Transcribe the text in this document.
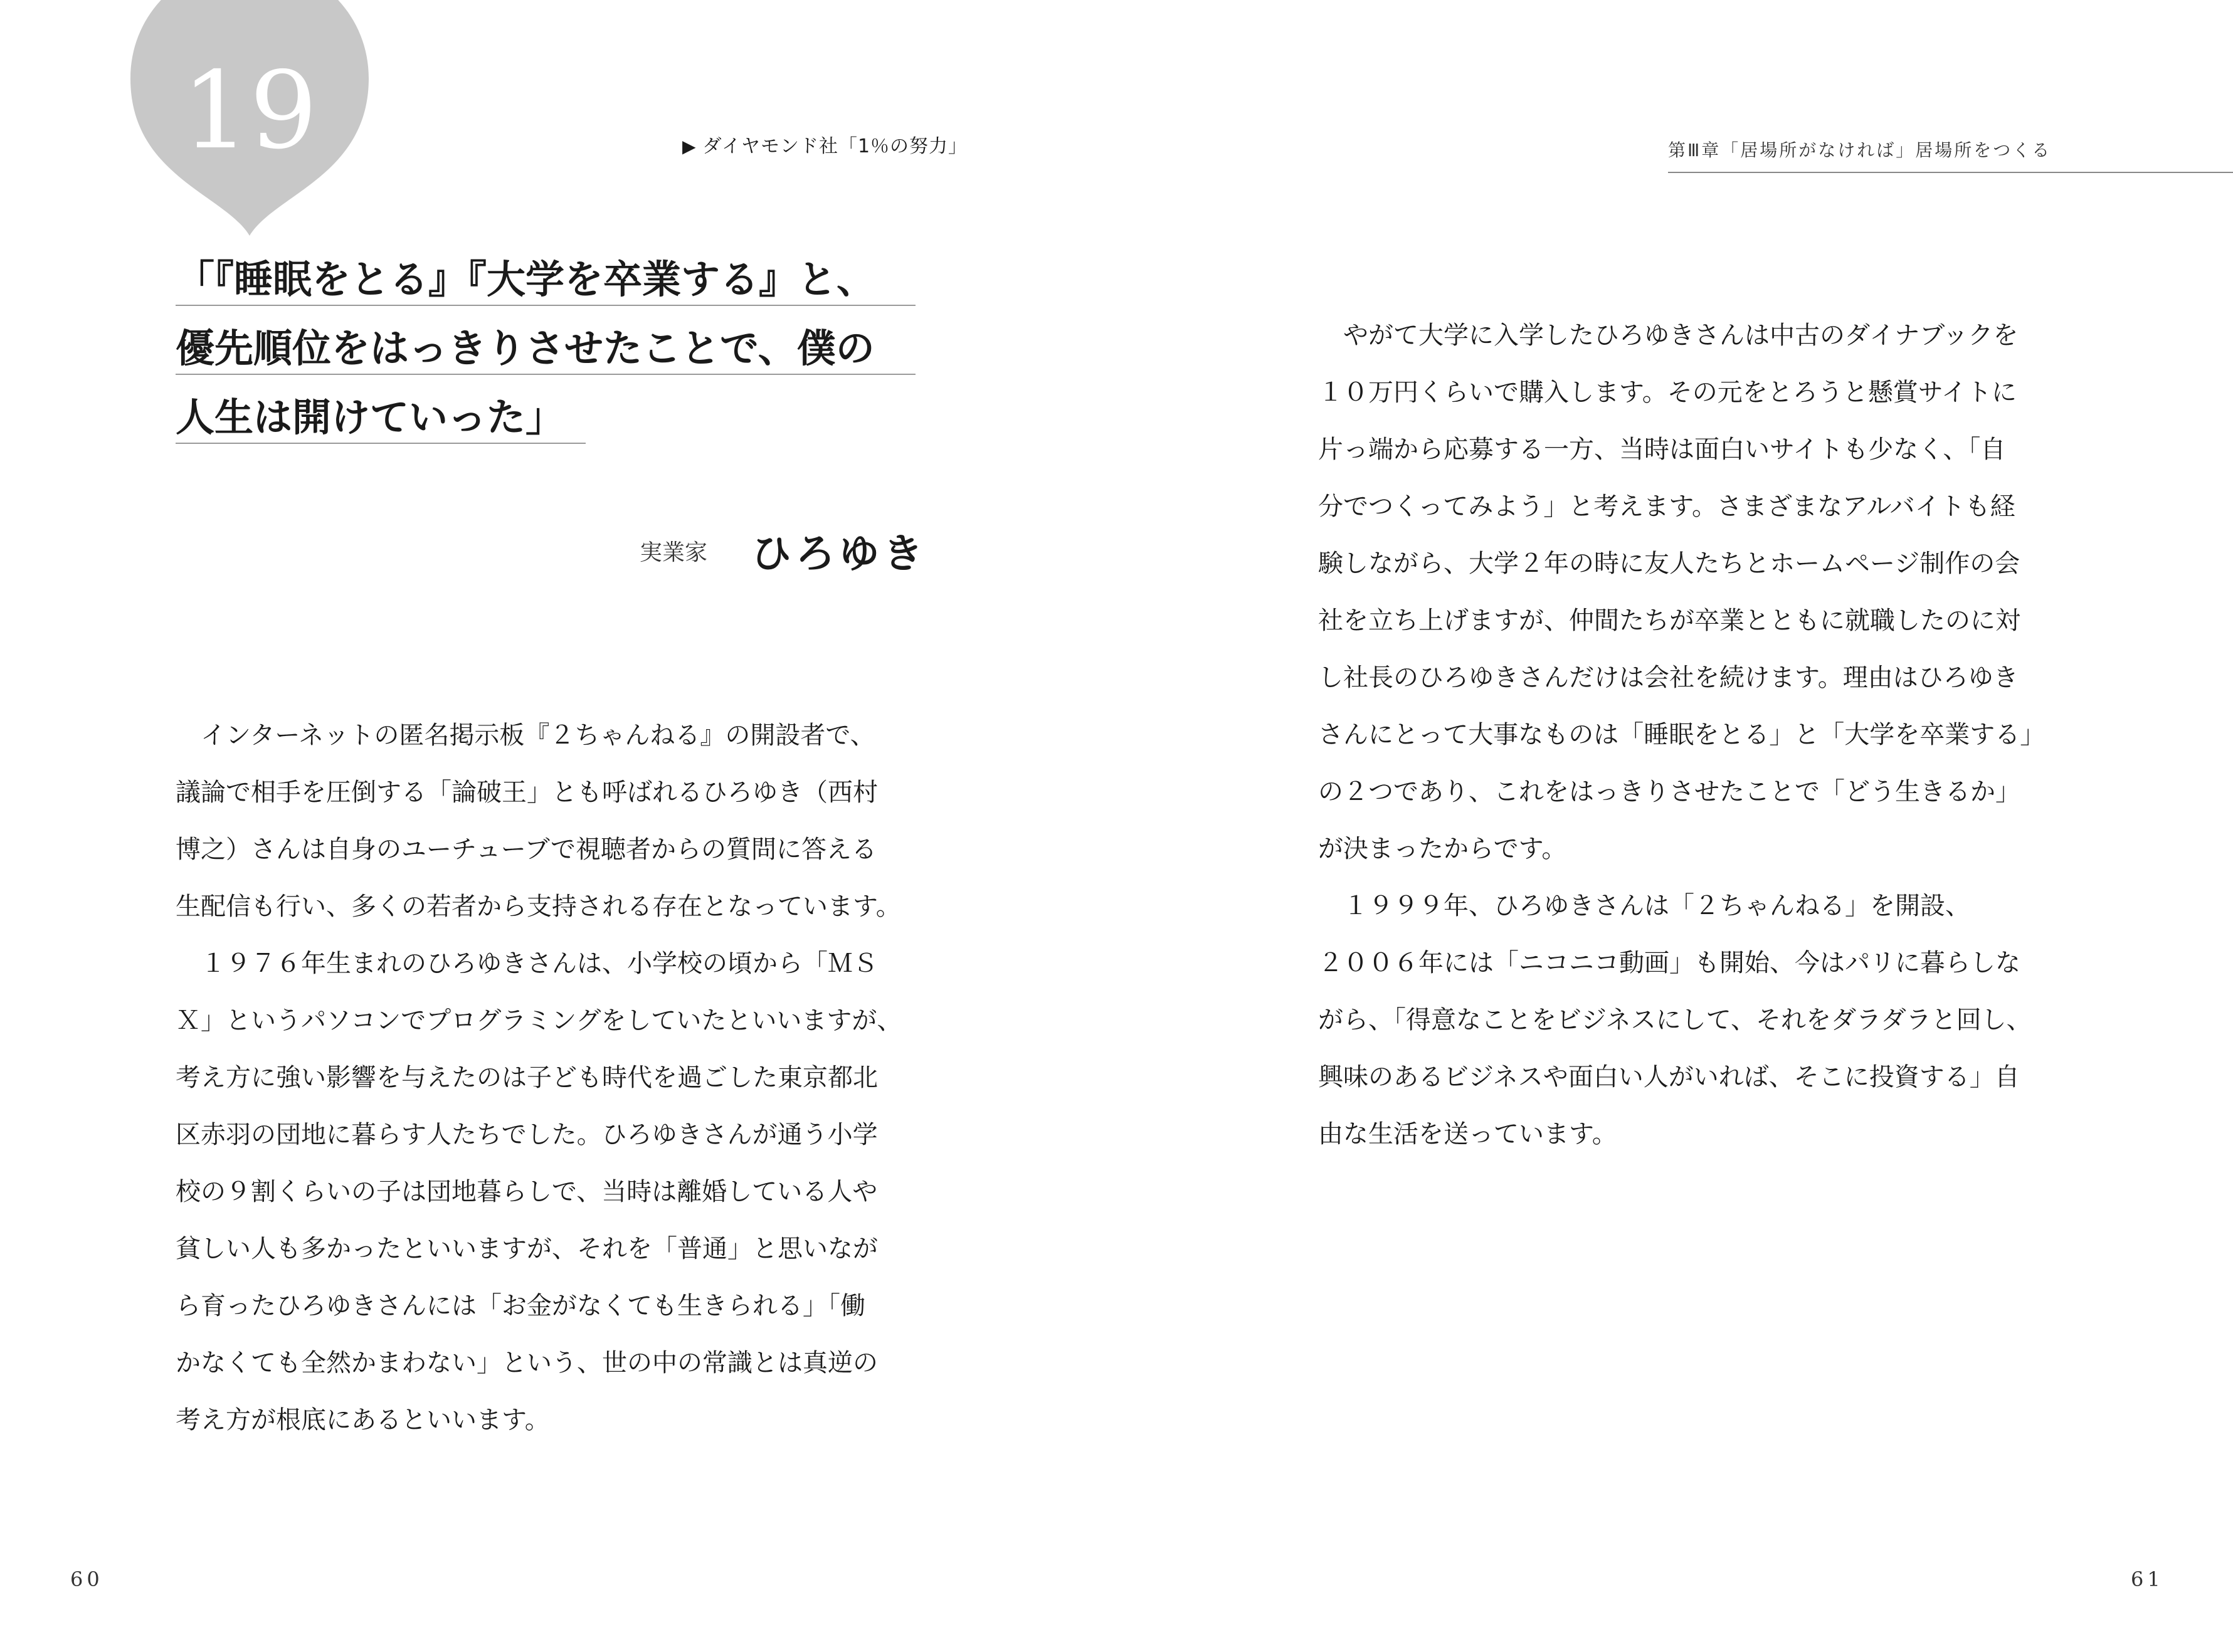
19	▶ ダイヤモンド社「1％の努力」
「『睡眠をとる』『大学を卒業する』と、
優先順位をはっきりさせたことで、僕の
人生は開けていった」
実業家 ひろゆき

　インターネットの匿名掲示板『２ちゃんねる』の開設者で、

議論で相手を圧倒する「論破王」とも呼ばれるひろゆき（西村

博之）さんは自身のユーチューブで視聴者からの質問に答える

生配信も行い、多くの若者から支持される存在となっています。

　１９７６年生まれのひろゆきさんは、小学校の頃から「ＭＳ

Ｘ」というパソコンでプログラミングをしていたといいますが、

考え方に強い影響を与えたのは子ども時代を過ごした東京都北

区赤羽の団地に暮らす人たちでした。ひろゆきさんが通う小学

校の９割くらいの子は団地暮らしで、当時は離婚している人や

貧しい人も多かったといいますが、それを「普通」と思いなが

ら育ったひろゆきさんには「お金がなくても生きられる」「働

かなくても全然かまわない」という、世の中の常識とは真逆の

考え方が根底にあるといいます。

60
第Ⅲ章「居場所がなければ」居場所をつくる

　やがて大学に入学したひろゆきさんは中古のダイナブックを

１０万円くらいで購入します。その元をとろうと懸賞サイトに

片っ端から応募する一方、当時は面白いサイトも少なく、「自

分でつくってみよう」と考えます。さまざまなアルバイトも経

験しながら、大学２年の時に友人たちとホームページ制作の会

社を立ち上げますが、仲間たちが卒業とともに就職したのに対

し社長のひろゆきさんだけは会社を続けます。理由はひろゆき

さんにとって大事なものは「睡眠をとる」と「大学を卒業する」

の２つであり、これをはっきりさせたことで「どう生きるか」

が決まったからです。

　１９９９年、ひろゆきさんは「２ちゃんねる」を開設、

２００６年には「ニコニコ動画」も開始、今はパリに暮らしな

がら、「得意なことをビジネスにして、それをダラダラと回し、

興味のあるビジネスや面白い人がいれば、そこに投資する」自

由な生活を送っています。

61
